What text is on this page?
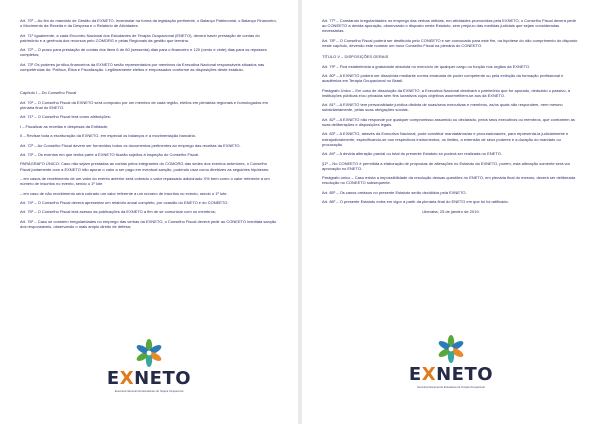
Art. 70º – Ao fim do mandato de Gestão da EXNETO, inventariar na forma da legislação pertinente, o Balanço Patrimonial, o Balanço Financeiro, o Movimento da Receita e da Despesa e o Relatório de Atividades.

Art. 71º Igualmente, a cada Encontro Nacional dos Estudantes de Terapia Ocupacional (ENETO), deverá haver prestação de contas do patrimônio e a gerência dos recursos pelo COMORG e pelas Regionais da gestão que termina.

Art. 72º – O prazo para prestação de contas dos itens 6 de 60 (sessenta) dias para o financeiro e 120 (cento e vinte) dias para os repasses completos;

Art. 73º Os poderes jurídico-financeiros da EXNETO serão representados por membros da Executiva Nacional responsáveis situados nas competências do: Política, Ética e Fiscalização. Legitimamente eleitos e empossados conforme as disposições deste estatuto.

Capítulo I – Do Conselho Fiscal

Art. 70º – O Conselho Fiscal da EXNETO será composto por um membro de cada região, eleitos em plenárias regionais e homologados em plenária final do ENETO.

Art. 71º – O Conselho Fiscal terá como atribuições:

I – Fiscalizar as receitas e despesas da Entidade;

II – Revisar toda a escrituração da EXNETO, em especial os balanços e a movimentação bancária.

Art. 72º – Ao Conselho Fiscal devem ser fornecidos todos os documentos pertinentes ao emprego das receitas da EXNETO.

Art. 73º – Os eventos em que tenha parte a EXNETO ficarão sujeitos à inspeção do Conselho Fiscal.

PARÁGRAFO ÚNICO: Caso não sejam prestadas as contas pelos integrantes do COMORG das sedes dos eventos anteriores, o Conselho Fiscal juntamente com a EXNETO irão apurar o valor a ser pago em eventual sanção, podendo usar como diretrizes as seguintes hipóteses:

– em casos de recebimento de um valor do evento anterior será cobrado o valor repassado adicionado X% bem como o valor referente a um número de inscritos no evento, sendo o 1º lote

– em caso de não recebimento será cobrado um valor referente a um número de inscritos no evento, sendo o 1º lote.

Art. 74º – O Conselho Fiscal deverá apresentar um relatório anual completo, por ocasião do ENETO e do CONEETO.

Art. 75º – O Conselho Fiscal terá acesso às publicações da EXNETO a fim de se comunicar com os membros;

Art. 76º – Caso se constem irregularidades no emprego das verbas da EXNETO, o Conselho Fiscal deverá pedir ao CONEETO imediata sanção dos responsáveis, observando o mais amplo direito de defesa;

EXNETO
Executiva Nacional dos Estudantes de Terapia Ocupacional

Art. 77º – Constando irregularidades no emprego das verbas obtidas, em atividades promovidas pela EXNETO, o Conselho Fiscal deverá pedir ao CONEETO a devida apuração, observando o disposto neste Estatuto, sem prejuízo das medidas judiciais que sejam consideradas necessárias.

Art. 78º – O Conselho Fiscal poderá ser destituído pelo CONEETO e ser convocado para este fim, na hipótese do não cumprimento do disposto neste capítulo, devendo este nomear um novo Conselho Fiscal na plenária do CONEETO.

TÍTULO V – DISPOSIÇÕES GERAIS

Art. 79º – Fica estabelecida a gratuidade absoluta no exercício de qualquer cargo ou função nos órgãos da EXNETO.

Art. 80º – A EXNETO poderá ser dissolvida mediante norma emanada de poder competente ou pela extinção da formação profissional e acadêmica em Terapia Ocupacional no Brasil.

Parágrafo Único – Em caso de dissolução da EXNETO, a Executiva Nacional destinará o patrimônio que for apurado, deduzido o passivo, à instituições públicas e/ou privadas sem fins lucrativos cujos objetivos assemelhem-se aos da EXNETO.

Art. 81º – A EXNETO tem personalidade jurídica distinta de suas/seus executivas e membros, as/os quais não respondem, nem mesmo subsidiariamente, pelas suas obrigações sociais.

Art. 82º – A EXNETO não responde por qualquer compromisso assumido ou declarado, pelos seus executivos ou membros, que contrariem as suas deliberações e disposições legais.

Art. 83º – A EXNETO, através da Executiva Nacional, pode constituir mandatários/as e procuradoras/es, para representá-la judicialmente e extrajudicialmente, especificando-se nos respectivos instrumentos, os limites, a extensão de seus poderes e a duração do mandato ou procuração.

Art. 84º – A devida alteração parcial ou total do presente Estatuto só poderá ser realizada no ENETO.

§1º – No CONEETO é permitida a elaboração de propostas de alterações no Estatuto da EXNETO, porém, esta alteração somente será via aprovação no ENETO.

Parágrafo único – Caso exista a impossibilidade da resolução dessas questões no ENETO, em plenária final do mesmo, deverá ser deliberada resolução no CONEETO subsequente.

Art. 85º – Os casos omissos no presente Estatuto serão decididos pela EXNETO.

Art. 86º – O presente Estatuto entra em vigor a partir da plenária final do ENETO em que foi foi ratificado.

Uberaba, 25 de janeiro de 2019.

EXNETO
Executiva Nacional de Estudantes de Terapia Ocupacional
